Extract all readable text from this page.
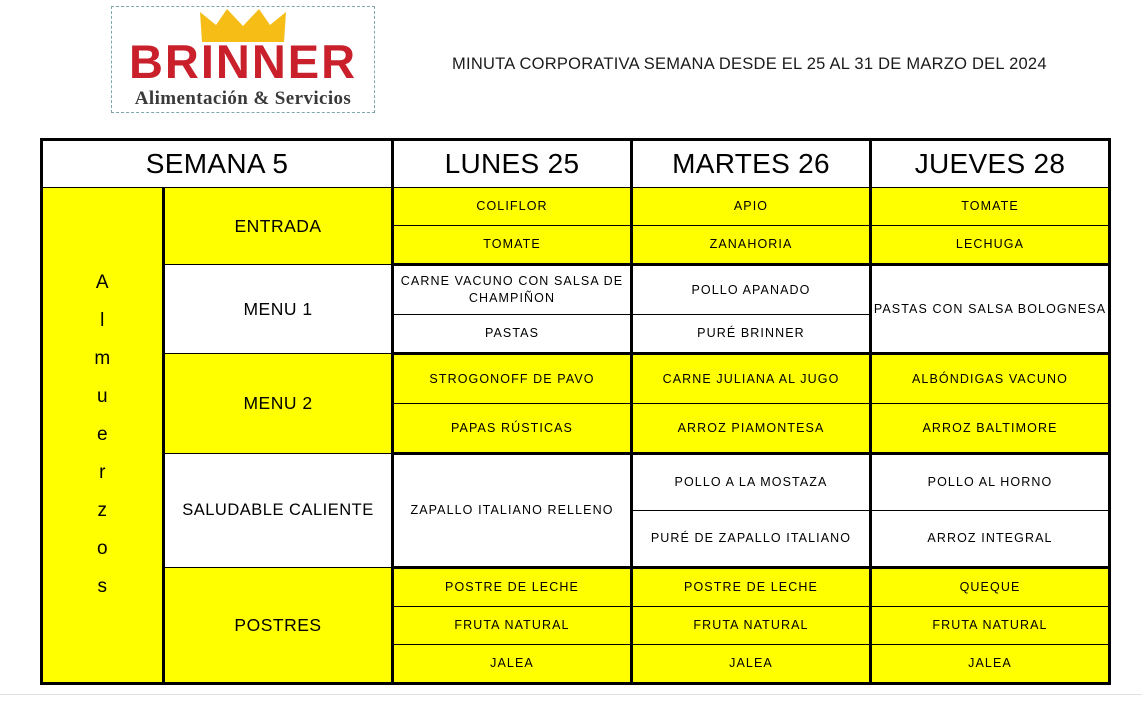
BRINNER
Alimentación & Servicios
MINUTA CORPORATIVA SEMANA DESDE EL 25 AL 31 DE MARZO DEL 2024
SEMANA 5		LUNES 25	MARTES 26	JUEVES 28

A
l
m
u
e
r
z
o
s
	ENTRADA	COLIFLOR	APIO	TOMATE
		TOMATE	ZANAHORIA	LECHUGA
	MENU 1	CARNE VACUNO CON SALSA DE CHAMPIÑON	POLLO APANADO	PASTAS CON SALSA BOLOGNESA
		PASTAS	PURÉ BRINNER	
	MENU 2	STROGONOFF DE PAVO	CARNE JULIANA AL JUGO	ALBÓNDIGAS VACUNO
		PAPAS RÚSTICAS	ARROZ PIAMONTESA	ARROZ BALTIMORE
	SALUDABLE CALIENTE	ZAPALLO ITALIANO RELLENO	POLLO A LA MOSTAZA	POLLO AL HORNO
			PURÉ DE ZAPALLO ITALIANO	ARROZ INTEGRAL
	POSTRES	POSTRE DE LECHE	POSTRE DE LECHE	QUEQUE
		FRUTA NATURAL	FRUTA NATURAL	FRUTA NATURAL
		JALEA	JALEA	JALEA
